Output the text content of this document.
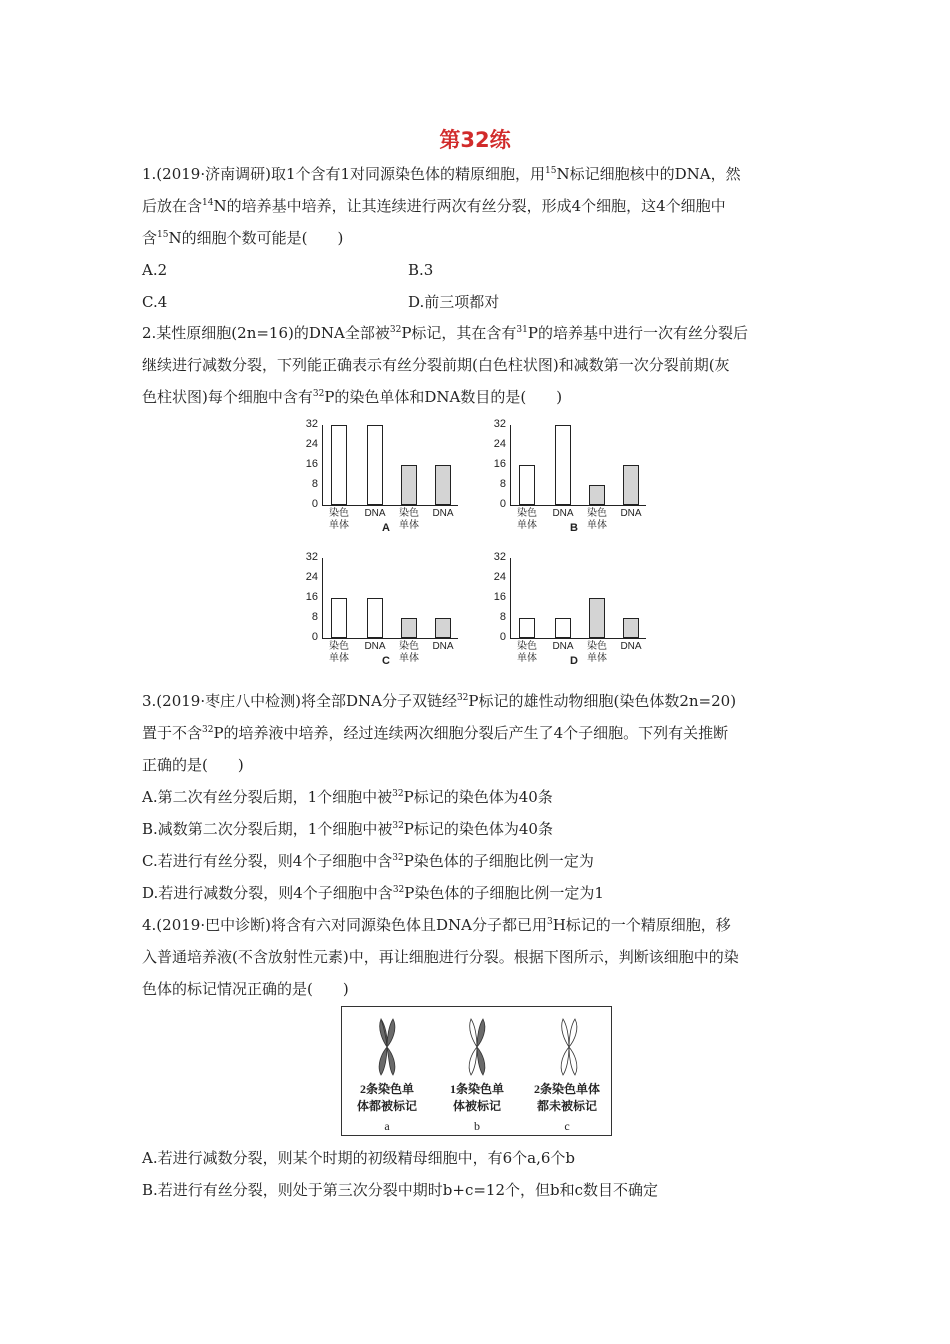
第32练
1.(2019·济南调研)取1个含有1对同源染色体的精原细胞，用$^{15}$N标记细胞核中的DNA，然
后放在含$^{14}$N的培养基中培养，让其连续进行两次有丝分裂，形成4个细胞，这4个细胞中
含$^{15}$N的细胞个数可能是(　　)
A.2	B.3
C.4	D.前三项都对
2.某性原细胞(2n=16)的DNA全部被$^{32}$P标记，其在含有$^{31}$P的培养基中进行一次有丝分裂后
继续进行减数分裂，下列能正确表示有丝分裂前期(白色柱状图)和减数第一次分裂前期(灰
色柱状图)每个细胞中含有$^{32}$P的染色单体和DNA数目的是(　　)
32
24
16
8
0
染色
单体
DNA	染色
单体
DNA
A
32
24
16
8
0
染色
单体
DNA	染色
单体
DNA
B
32
24
16
8
0
染色
单体
DNA	染色
单体
DNA
C
32
24
16
8
0
染色
单体
DNA	染色
单体
DNA
D
3.(2019·枣庄八中检测)将全部DNA分子双链经$^{32}$P标记的雄性动物细胞(染色体数2n=20)
置于不含$^{32}$P的培养液中培养，经过连续两次细胞分裂后产生了4个子细胞。下列有关推断
正确的是(　　)
A.第二次有丝分裂后期，1个细胞中被$^{32}$P标记的染色体为40条
B.减数第二次分裂后期，1个细胞中被$^{32}$P标记的染色体为40条
C.若进行有丝分裂，则4个子细胞中含$^{32}$P染色体的子细胞比例一定为
D.若进行减数分裂，则4个子细胞中含$^{32}$P染色体的子细胞比例一定为1
4.(2019·巴中诊断)将含有六对同源染色体且DNA分子都已用$^3$H标记的一个精原细胞，移
入普通培养液(不含放射性元素)中，再让细胞进行分裂。根据下图所示，判断该细胞中的染
色体的标记情况正确的是(　　)
2条染色单
体都被标记
1条染色单
体被标记
2条染色单体
都未被标记
a	b	c
A.若进行减数分裂，则某个时期的初级精母细胞中，有6个a,6个b
B.若进行有丝分裂，则处于第三次分裂中期时b+c=12个，但b和c数目不确定
